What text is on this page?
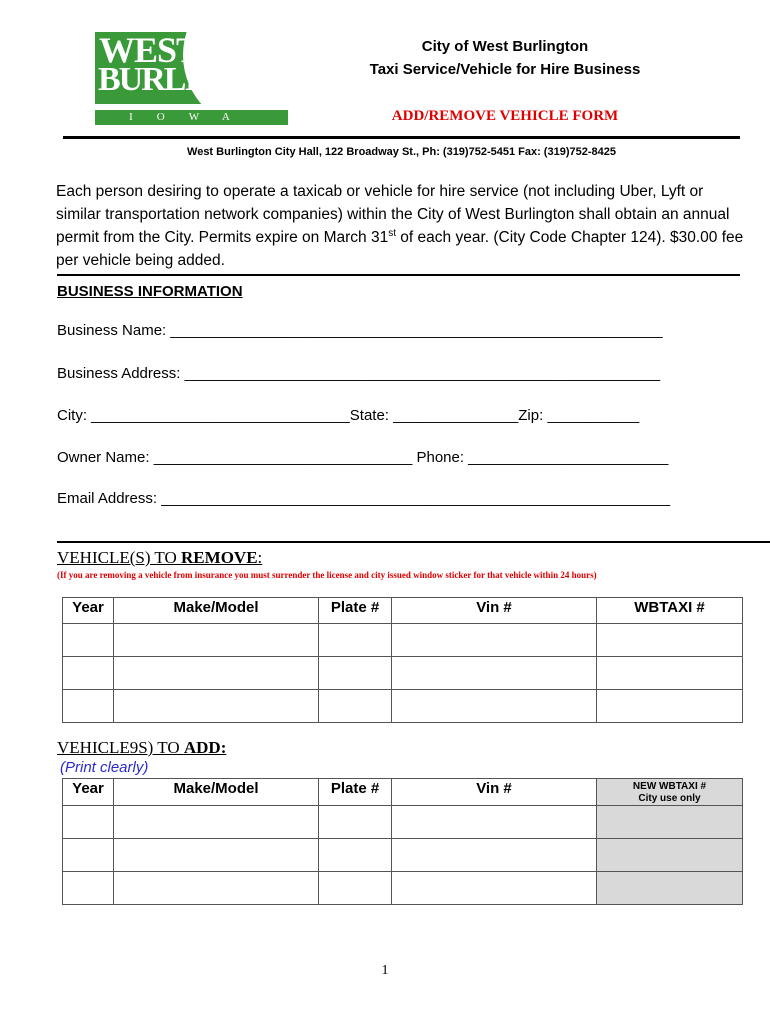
WEST
BURLINGTON
IOWA
City of West Burlington
Taxi Service/Vehicle for Hire Business
ADD/REMOVE VEHICLE FORM
West Burlington City Hall, 122 Broadway St., Ph: (319)752-5451 Fax: (319)752-8425
Each person desiring to operate a taxicab or vehicle for hire service (not including Uber, Lyft or similar transportation network companies) within the City of West Burlington shall obtain an annual permit from the City. Permits expire on March 31st of each year. (City Code Chapter 124). $30.00 fee per vehicle being added.
BUSINESS INFORMATION
Business Name: ___________________________________________________________
Business Address: _________________________________________________________
City: _______________________________State: _______________Zip: ___________
Owner Name: _______________________________ Phone: ________________________
Email Address: _____________________________________________________________
VEHICLE(S) TO REMOVE:
(If you are removing a vehicle from insurance you must surrender the license and city issued window sticker for that vehicle within 24 hours)
Year	Make/Model	Plate #	Vin #	WBTAXI #

VEHICLE9S) TO ADD:
(Print clearly)
Year	Make/Model	Plate #	Vin #	NEW WBTAXI #
City use only

1
